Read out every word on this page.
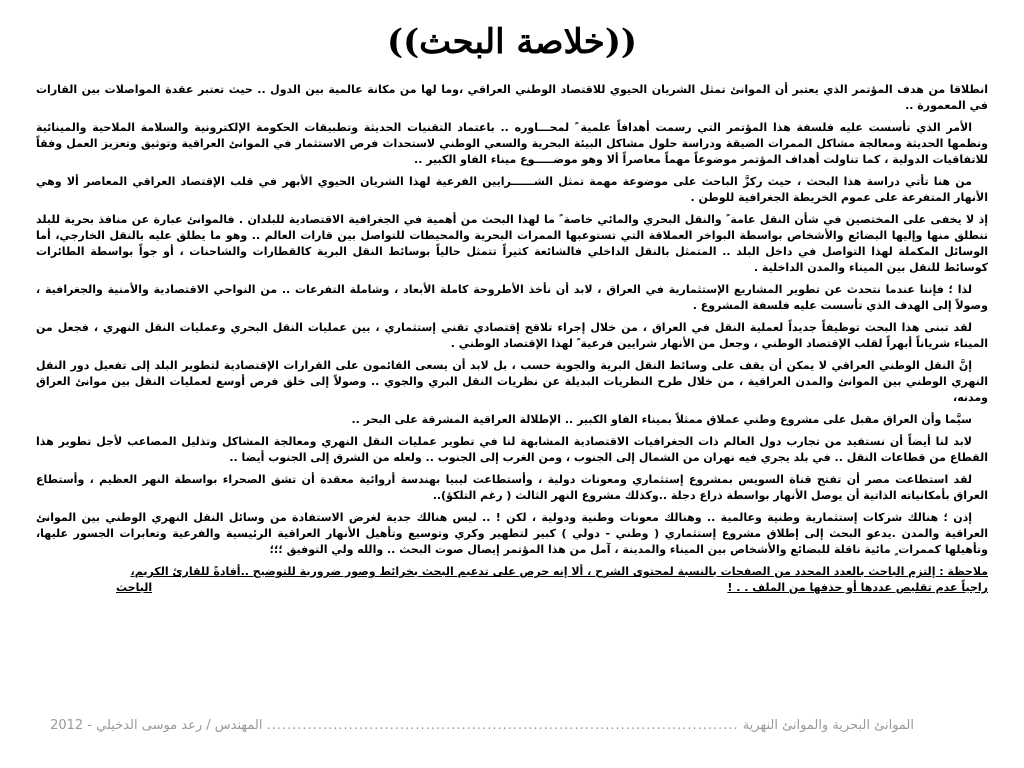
((خلاصة البحث))

انطلاقا من هدف المؤتمر الذي يعتبر أن الموانئ تمثل الشريان الحيوي للاقتصاد الوطني العراقي ،وما لها من مكانة عالمية بين الدول .. حيث تعتبر عقدة المواصلات بين القارات في المعمورة ..

الأمر الذي تأسست عليه فلسفة هذا المؤتمر التي رسمت أهدافاً علمية ً لمحـــاوره .. باعتماد التقنيات الحديثة وتطبيقات الحكومة الإلكترونية والسلامة الملاحية والمينائية ونظمها الحديثة ومعالجة مشاكل الممرات الضيقة ودراسة حلول مشاكل البيئة البحرية والسعي الوطني لاستحداث فرص الاستثمار في الموانئ العراقية وتوثيق وتعزيز العمل وفقاً للاتفاقيات الدولية ، كما تناولت أهداف المؤتمر موضوعاً مهماً معاصراً ألا وهو موضـــــوع ميناء الفاو الكبير ..

من هنا تأتي دراسة هذا البحث ، حيث ركزَّ الباحث على موضوعة مهمة تمثل الشــــــرايين الفرعية لهذا الشريان الحيوي الأبهر في قلب الإقتصاد العراقي المعاصر ألا وهي الأنهار المتفرعة على عموم الخريطة الجغرافية للوطن .

إذ لا يخفى على المختصين في شأن النقل عامة ً والنقل البحري والمائي خاصة ً ما لهذا البحث من أهمية في الجغرافية الاقتصادية للبلدان . فالموانئ عبارة عن منافذ بحرية للبلد تنطلق منها وإليها البضائع والأشخاص بواسطة البواخر العملاقة التي تستوعبها الممرات البحرية والمحيطات للتواصل بين قارات العالم .. وهو ما يطلق عليه بالنقل الخارجي، أما الوسائل المكملة لهذا التواصل في داخل البلد .. المتمثل بالنقل الداخلي فالشائعة كثيراً تتمثل حالياً بوسائط النقل البرية كالقطارات والشاحنات ، أو جواً بواسطة الطائرات كوسائط للنقل بين الميناء والمدن الداخلية .

لذا ؛ فإننا عندما نتحدث عن تطوير المشاريع الإستثمارية في العراق ، لابد أن نأخذ الأطروحة كاملة الأبعاد ، وشاملة التفرعات .. من النواحي الاقتصادية والأمنية والجغرافية ، وصولاً إلى الهدف الذي تأسست عليه فلسفة المشروع .

لقد تبنى هذا البحث توظيفاً جديداً لعملية النقل في العراق ، من خلال إجراء تلاقح إقتصادي تقني إستثماري ، بين عمليات النقل البحري وعمليات النقل النهري ، فجعل من الميناء شرياناً أبهراً لقلب الإقتصاد الوطني ، وجعل من الأنهار شرايين فرعية ً لهذا الإقتصاد الوطني .

إنَّ النقل الوطني العراقي لا يمكن أن يقف على وسائط النقل البرية والجوية حسب ، بل لابد أن يسعى القائمون على القرارات الإقتصادية لتطوير البلد إلى تفعيل دور النقل النهري الوطني بين الموانئ والمدن العراقية ، من خلال طرح النظريات البديلة عن نظريات النقل البري والجوي .. وصولاً إلى خلق فرص أوسع لعمليات النقل بين موانئ العراق ومدنه،

سيَّما وأن العراق مقبل على مشروع وطني عملاق ممثلاً بميناء الفاو الكبير .. الإطلالة العراقية المشرقة على البحر ..

لابد لنا أيضاً أن نستفيد من تجارب دول العالم ذات الجغرافيات الاقتصادية المشابهة لنا في تطوير عمليات النقل النهري ومعالجة المشاكل وتذليل المصاعب لأجل تطوير هذا القطاع من قطاعات النقل .. في بلد يجري فيه نهران من الشمال إلى الجنوب ، ومن الغرب إلى الجنوب .. ولعله من الشرق إلى الجنوب أيضا ..

لقد استطاعت مصر أن تفتح قناة السويس بمشروع إستثماري ومعونات دولية ، وأستطاعت ليبيا بهندسة أروائية معقدة أن تشق الصحراء بواسطة النهر العظيم ، وأستطاع العراق بأمكانياته الذاتية أن يوصل الأنهار بواسطة ذراع دجلة ..وكذلك مشروع النهر الثالث ( رغم التلكؤ)..

إذن ؛ هنالك شركات إستثمارية وطنية وعالمية .. وهنالك معونات وطنية ودولية ، لكن ! .. ليس هنالك جدية لغرض الاستفادة من وسائل النقل النهري الوطني بين الموانئ العراقية والمدن .يدعو البحث إلى إطلاق مشروع إستثماري ( وطني - دولي ) كبير لتطهير وكري وتوسيع وتأهيل الأنهار العراقية الرئيسية والفرعية وتعابرات الجسور عليها، وتأهيلها كممرات ٍ مائية ناقلة للبضائع والأشخاص بين الميناء والمدينة ، آمل من هذا المؤتمر إيصال صوت البحث .. والله ولي التوفيق ؛؛؛

ملاحظة : إلتزم الباحث بالعدد المحدد من الصفحات بالنسبة لمحتوى الشرح ، ألا إنه حرص على تدعيم البحث بخرائط وصور ضرورية للتوضيح ..أفادةً للقارئ الكريم،
راجياً عدم تقليص عددها أو حذفها من الملف . . !
الباحث
الموانئ البحرية والموانئ النهرية
............................................................................................
المهندس / رعد موسى الدخيلي - 2012
